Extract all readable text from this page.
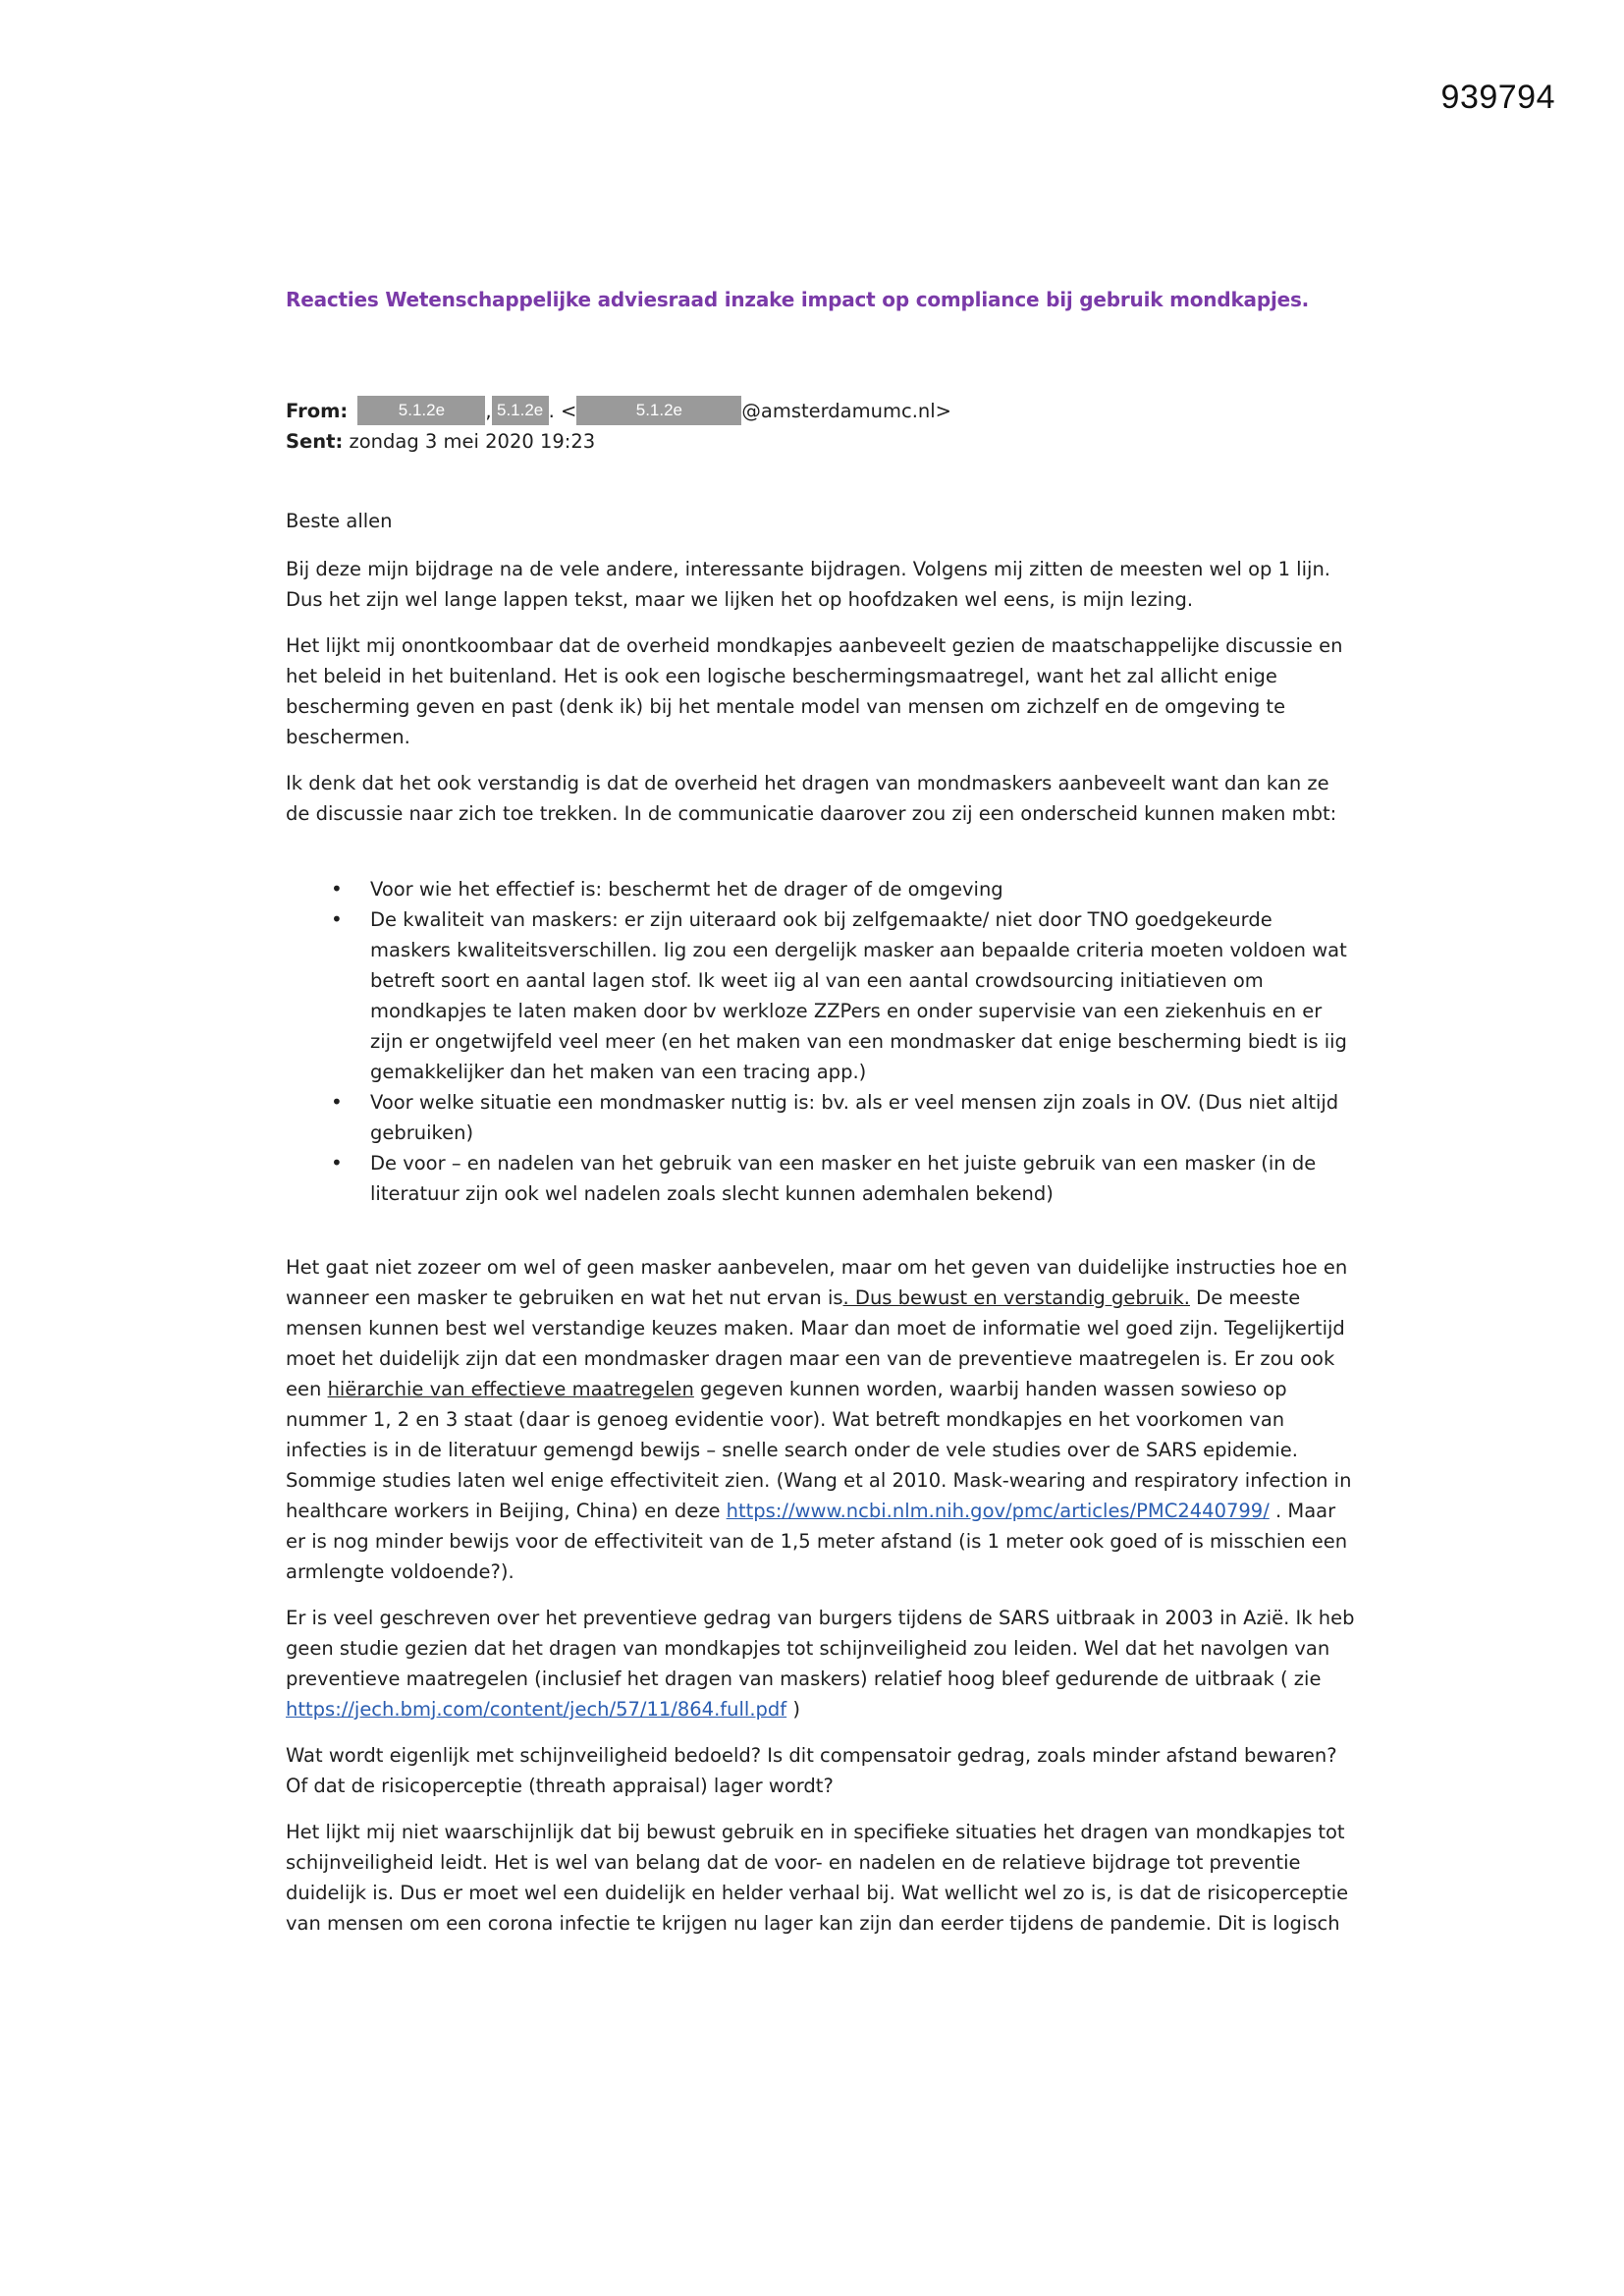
939794

Reacties Wetenschappelijke adviesraad inzake impact op compliance bij gebruik mondkapjes.

From:	5.1.2e , 5.1.2e . <	5.1.2e	@amsterdamumc.nl>

Sent: zondag 3 mei 2020 19:23

Beste allen

Bij deze mijn bijdrage na de vele andere, interessante bijdragen. Volgens mij zitten de meesten wel op 1 lijn. Dus het zijn wel lange lappen tekst, maar we lijken het op hoofdzaken wel eens, is mijn lezing.

Het lijkt mij onontkoombaar dat de overheid mondkapjes aanbeveelt gezien de maatschappelijke discussie en het beleid in het buitenland. Het is ook een logische beschermingsmaatregel, want het zal allicht enige bescherming geven en past (denk ik) bij het mentale model van mensen om zichzelf en de omgeving te beschermen.

Ik denk dat het ook verstandig is dat de overheid het dragen van mondmaskers aanbeveelt want dan kan ze de discussie naar zich toe trekken. In de communicatie daarover zou zij een onderscheid kunnen maken mbt:

• Voor wie het effectief is: beschermt het de drager of de omgeving
• De kwaliteit van maskers: er zijn uiteraard ook bij zelfgemaakte/ niet door TNO goedgekeurde maskers kwaliteitsverschillen. Iig zou een dergelijk masker aan bepaalde criteria moeten voldoen wat betreft soort en aantal lagen stof. Ik weet iig al van een aantal crowdsourcing initiatieven om mondkapjes te laten maken door bv werkloze ZZPers en onder supervisie van een ziekenhuis en er zijn er ongetwijfeld veel meer (en het maken van een mondmasker dat enige bescherming biedt is iig gemakkelijker dan het maken van een tracing app.)
• Voor welke situatie een mondmasker nuttig is: bv. als er veel mensen zijn zoals in OV. (Dus niet altijd gebruiken)
• De voor – en nadelen van het gebruik van een masker en het juiste gebruik van een masker (in de literatuur zijn ook wel nadelen zoals slecht kunnen ademhalen bekend)

Het gaat niet zozeer om wel of geen masker aanbevelen, maar om het geven van duidelijke instructies hoe en wanneer een masker te gebruiken en wat het nut ervan is. Dus bewust en verstandig gebruik. De meeste mensen kunnen best wel verstandige keuzes maken. Maar dan moet de informatie wel goed zijn. Tegelijkertijd moet het duidelijk zijn dat een mondmasker dragen maar een van de preventieve maatregelen is. Er zou ook een hiërarchie van effectieve maatregelen gegeven kunnen worden, waarbij handen wassen sowieso op nummer 1, 2 en 3 staat (daar is genoeg evidentie voor). Wat betreft mondkapjes en het voorkomen van infecties is in de literatuur gemengd bewijs – snelle search onder de vele studies over de SARS epidemie. Sommige studies laten wel enige effectiviteit zien. (Wang et al 2010. Mask-wearing and respiratory infection in healthcare workers in Beijing, China) en deze https://www.ncbi.nlm.nih.gov/pmc/articles/PMC2440799/ . Maar er is nog minder bewijs voor de effectiviteit van de 1,5 meter afstand (is 1 meter ook goed of is misschien een armlengte voldoende?).

Er is veel geschreven over het preventieve gedrag van burgers tijdens de SARS uitbraak in 2003 in Azië. Ik heb geen studie gezien dat het dragen van mondkapjes tot schijnveiligheid zou leiden. Wel dat het navolgen van preventieve maatregelen (inclusief het dragen van maskers) relatief hoog bleef gedurende de uitbraak ( zie https://jech.bmj.com/content/jech/57/11/864.full.pdf )

Wat wordt eigenlijk met schijnveiligheid bedoeld? Is dit compensatoir gedrag, zoals minder afstand bewaren? Of dat de risicoperceptie (threath appraisal) lager wordt?

Het lijkt mij niet waarschijnlijk dat bij bewust gebruik en in specifieke situaties het dragen van mondkapjes tot schijnveiligheid leidt. Het is wel van belang dat de voor- en nadelen en de relatieve bijdrage tot preventie duidelijk is. Dus er moet wel een duidelijk en helder verhaal bij. Wat wellicht wel zo is, is dat de risicoperceptie van mensen om een corona infectie te krijgen nu lager kan zijn dan eerder tijdens de pandemie. Dit is logisch
